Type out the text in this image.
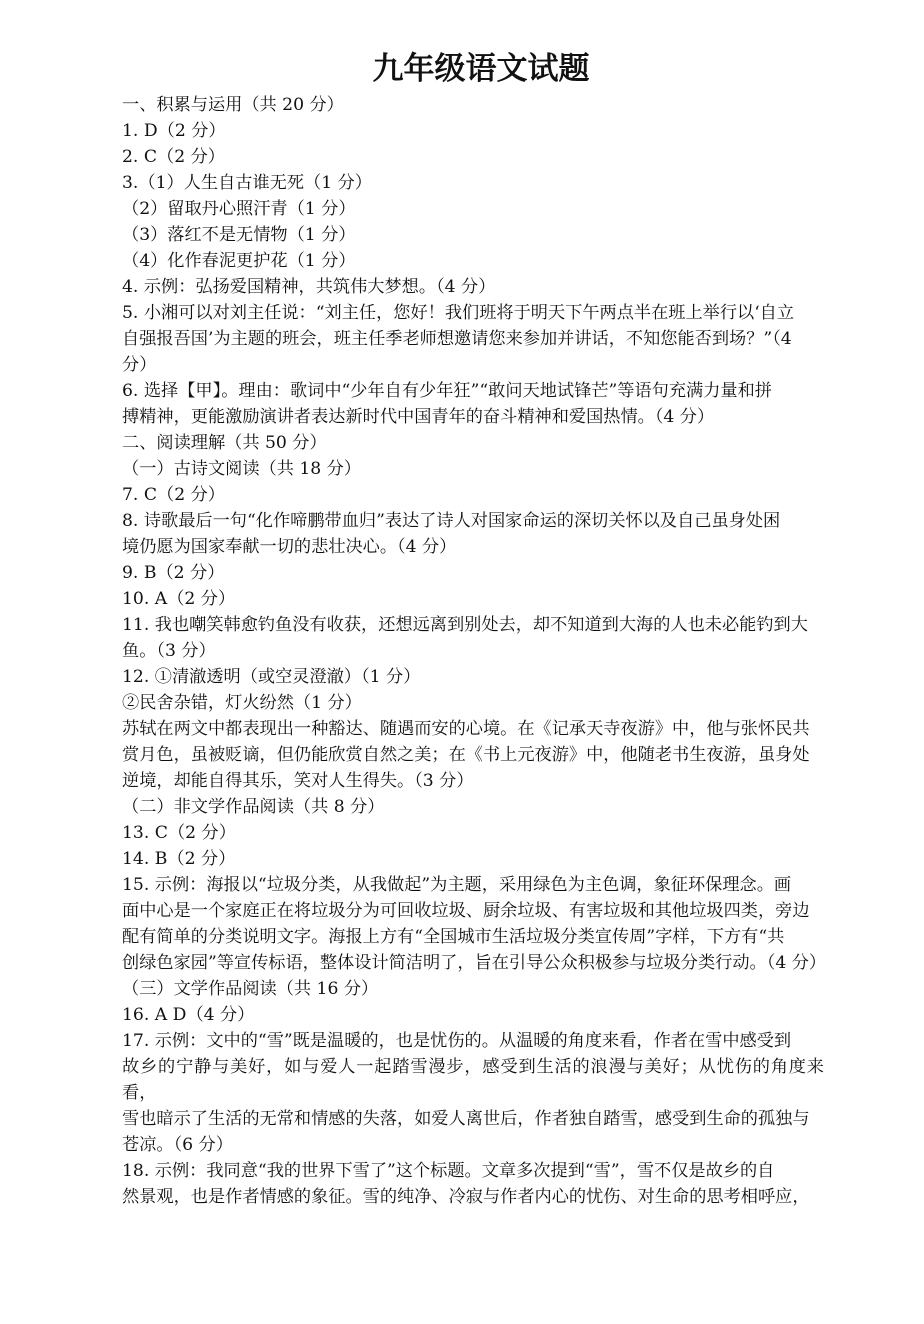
九年级语文试题

一、积累与运用（共 20 分）

1. D（2 分）

2. C（2 分）

3.（1）人生自古谁无死（1 分）

（2）留取丹心照汗青（1 分）

（3）落红不是无情物（1 分）

（4）化作春泥更护花（1 分）

4. 示例：弘扬爱国精神，共筑伟大梦想。（4 分）

5. 小湘可以对刘主任说：“刘主任，您好！我们班将于明天下午两点半在班上举行以‘自立

自强报吾国’为主题的班会，班主任季老师想邀请您来参加并讲话，不知您能否到场？”（4

分）

6. 选择【甲】。理由：歌词中“少年自有少年狂”“敢问天地试锋芒”等语句充满力量和拼

搏精神，更能激励演讲者表达新时代中国青年的奋斗精神和爱国热情。（4 分）

二、阅读理解（共 50 分）

（一）古诗文阅读（共 18 分）

7. C（2 分）

8. 诗歌最后一句“化作啼鹏带血归”表达了诗人对国家命运的深切关怀以及自己虽身处困

境仍愿为国家奉献一切的悲壮决心。（4 分）

9. B（2 分）

10. A（2 分）

11. 我也嘲笑韩愈钓鱼没有收获，还想远离到别处去，却不知道到大海的人也未必能钓到大

鱼。（3 分）

12. ①清澈透明（或空灵澄澈）（1 分）

②民舍杂错，灯火纷然（1 分）

苏轼在两文中都表现出一种豁达、随遇而安的心境。在《记承天寺夜游》中，他与张怀民共

赏月色，虽被贬谪，但仍能欣赏自然之美；在《书上元夜游》中，他随老书生夜游，虽身处

逆境，却能自得其乐，笑对人生得失。（3 分）

（二）非文学作品阅读（共 8 分）

13. C（2 分）

14. B（2 分）

15. 示例：海报以“垃圾分类，从我做起”为主题，采用绿色为主色调，象征环保理念。画

面中心是一个家庭正在将垃圾分为可回收垃圾、厨余垃圾、有害垃圾和其他垃圾四类，旁边

配有简单的分类说明文字。海报上方有“全国城市生活垃圾分类宣传周”字样，下方有“共

创绿色家园”等宣传标语，整体设计简洁明了，旨在引导公众积极参与垃圾分类行动。（4 分）

（三）文学作品阅读（共 16 分）

16. A D（4 分）

17. 示例：文中的“雪”既是温暖的，也是忧伤的。从温暖的角度来看，作者在雪中感受到

故乡的宁静与美好，如与爱人一起踏雪漫步，感受到生活的浪漫与美好；从忧伤的角度来看，

雪也暗示了生活的无常和情感的失落，如爱人离世后，作者独自踏雪，感受到生命的孤独与

苍凉。（6 分）

18. 示例：我同意“我的世界下雪了”这个标题。文章多次提到“雪”，雪不仅是故乡的自

然景观，也是作者情感的象征。雪的纯净、冷寂与作者内心的忧伤、对生命的思考相呼应，
